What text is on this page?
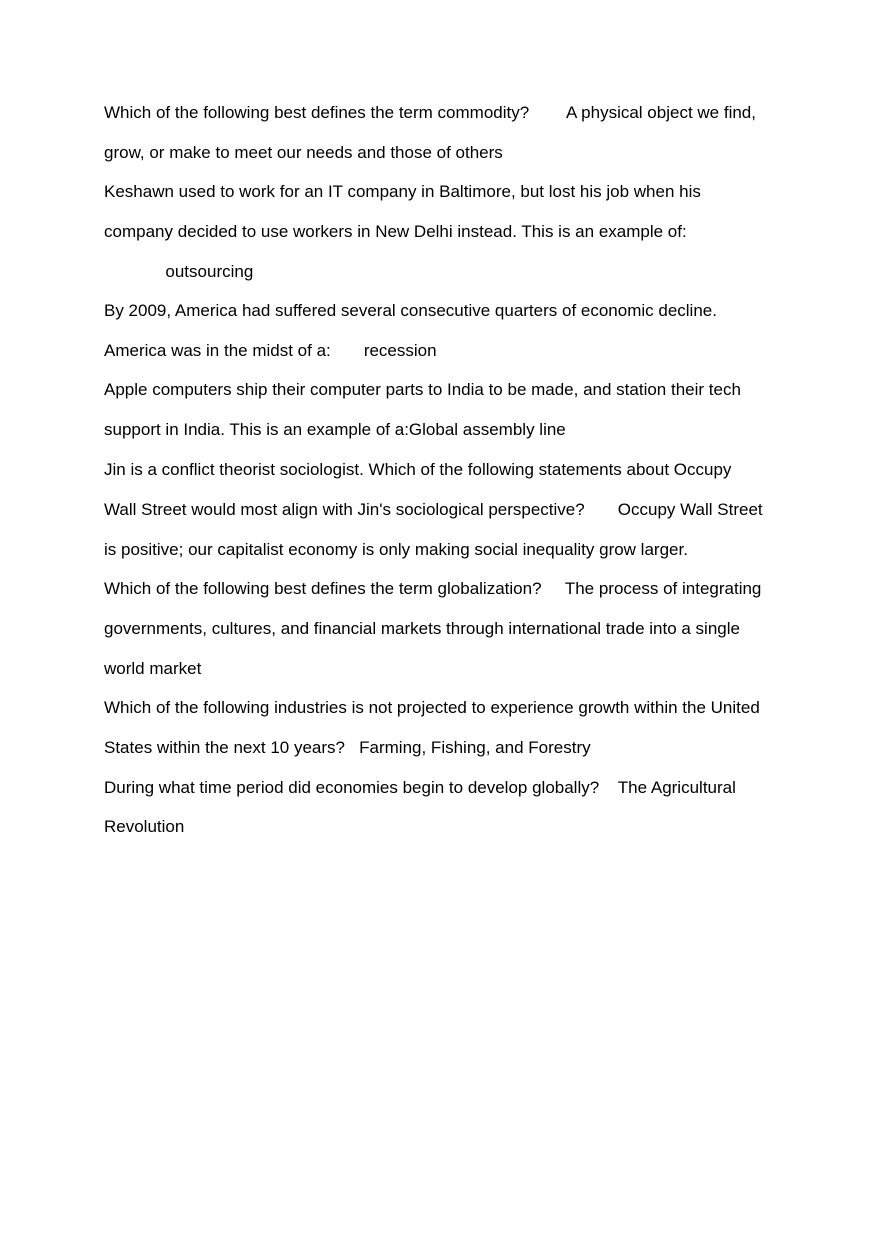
Which of the following best defines the term commodity?        A physical object we find,
grow, or make to meet our needs and those of others
Keshawn used to work for an IT company in Baltimore, but lost his job when his
company decided to use workers in New Delhi instead. This is an example of:
outsourcing
By 2009, America had suffered several consecutive quarters of economic decline.
America was in the midst of a:       recession
Apple computers ship their computer parts to India to be made, and station their tech
support in India. This is an example of a:Global assembly line
Jin is a conflict theorist sociologist. Which of the following statements about Occupy
Wall Street would most align with Jin's sociological perspective?       Occupy Wall Street
is positive; our capitalist economy is only making social inequality grow larger.
Which of the following best defines the term globalization?     The process of integrating
governments, cultures, and financial markets through international trade into a single
world market
Which of the following industries is not projected to experience growth within the United
States within the next 10 years?   Farming, Fishing, and Forestry
During what time period did economies begin to develop globally?    The Agricultural
Revolution
